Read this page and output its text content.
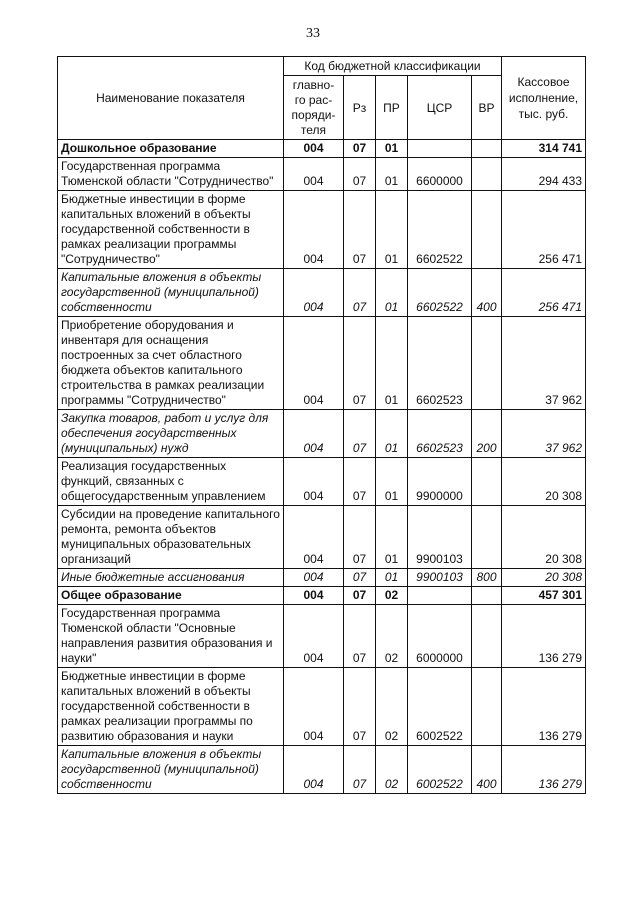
33
Наименование показателя	Код бюджетной классификации					Кассовое
исполнение,
тыс. руб.
	главно-
го рас-
поряди-
теля	Рз	ПР	ЦСР	ВР	
Дошкольное образование	004	07	01			314 741
Государственная программа Тюменской области "Сотрудничество"	004	07	01	6600000		294 433
Бюджетные инвестиции в форме капитальных вложений в объекты государственной собственности в рамках реализации программы "Сотрудничество"	004	07	01	6602522		256 471
Капитальные вложения в объекты государственной (муниципальной) собственности	004	07	01	6602522	400	256 471
Приобретение оборудования и инвентаря для оснащения построенных за счет областного бюджета объектов капитального строительства в рамках реализации программы "Сотрудничество"	004	07	01	6602523		37 962
Закупка товаров, работ и услуг для обеспечения государственных (муниципальных) нужд	004	07	01	6602523	200	37 962
Реализация государственных функций, связанных с общегосударственным управлением	004	07	01	9900000		20 308
Субсидии на проведение капитального ремонта, ремонта объектов муниципальных образовательных организаций	004	07	01	9900103		20 308
Иные бюджетные ассигнования	004	07	01	9900103	800	20 308
Общее образование	004	07	02			457 301
Государственная программа Тюменской области "Основные направления развития образования и науки"	004	07	02	6000000		136 279
Бюджетные инвестиции в форме капитальных вложений в объекты государственной собственности в рамках реализации программы по развитию образования и науки	004	07	02	6002522		136 279
Капитальные вложения в объекты государственной (муниципальной) собственности	004	07	02	6002522	400	136 279
